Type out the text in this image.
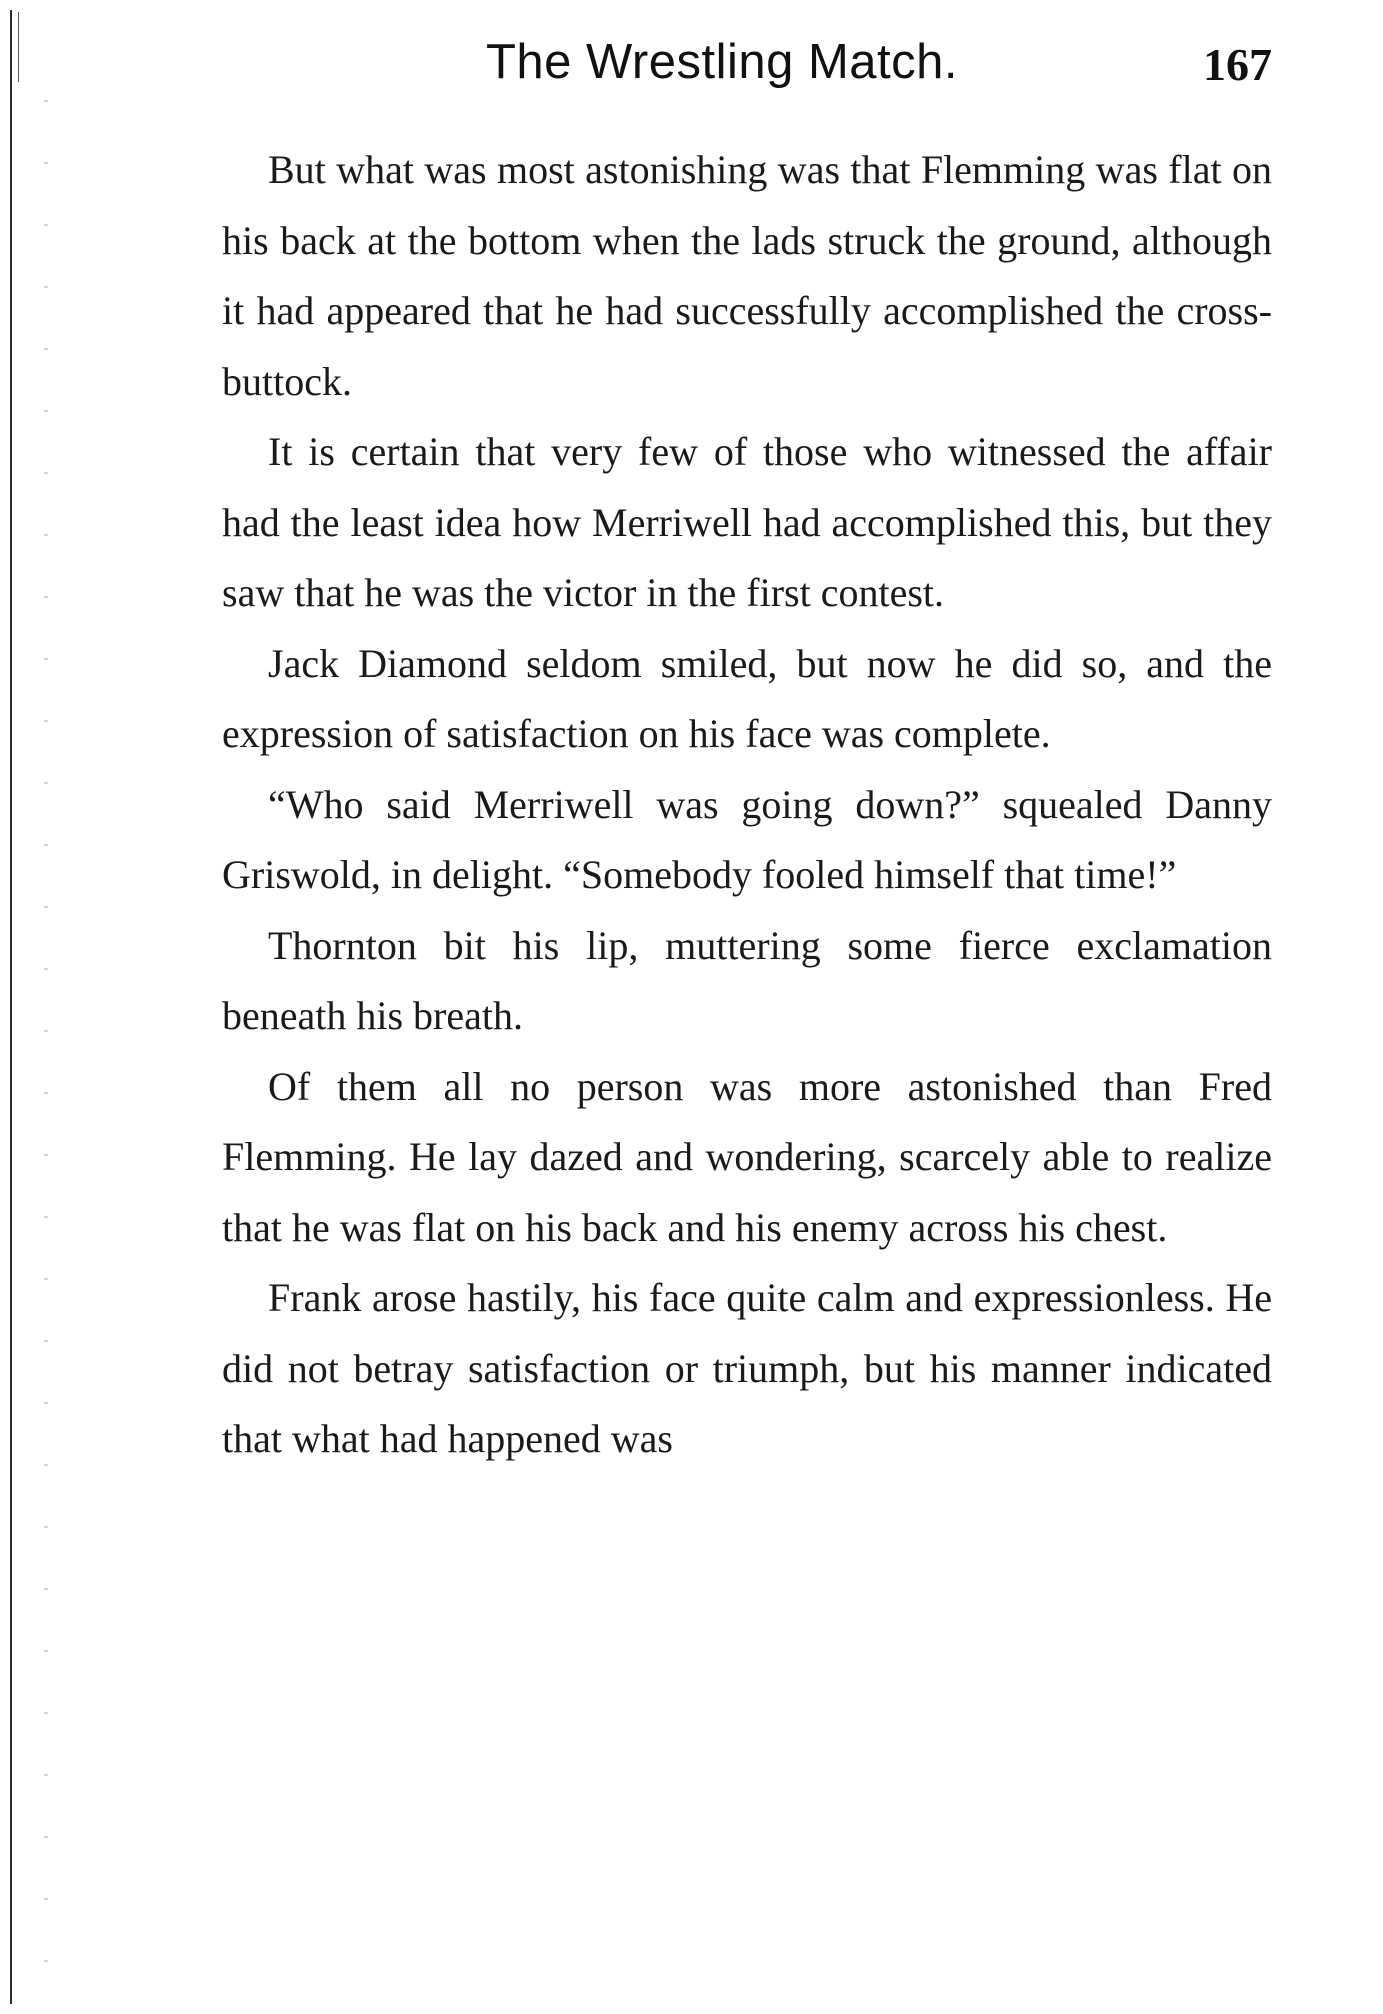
The Wrestling Match.	167

But what was most astonishing was that Flemming was flat on his back at the bottom when the lads struck the ground, although it had appeared that he had successfully accomplished the cross-buttock.

It is certain that very few of those who witnessed the affair had the least idea how Merriwell had accomplished this, but they saw that he was the victor in the first contest.

Jack Diamond seldom smiled, but now he did so, and the expression of satisfaction on his face was complete.

“Who said Merriwell was going down?” squealed Danny Griswold, in delight. “Somebody fooled himself that time!”

Thornton bit his lip, muttering some fierce exclamation beneath his breath.

Of them all no person was more astonished than Fred Flemming. He lay dazed and wondering, scarcely able to realize that he was flat on his back and his enemy across his chest.

Frank arose hastily, his face quite calm and expressionless. He did not betray satisfaction or triumph, but his manner indicated that what had happened was
